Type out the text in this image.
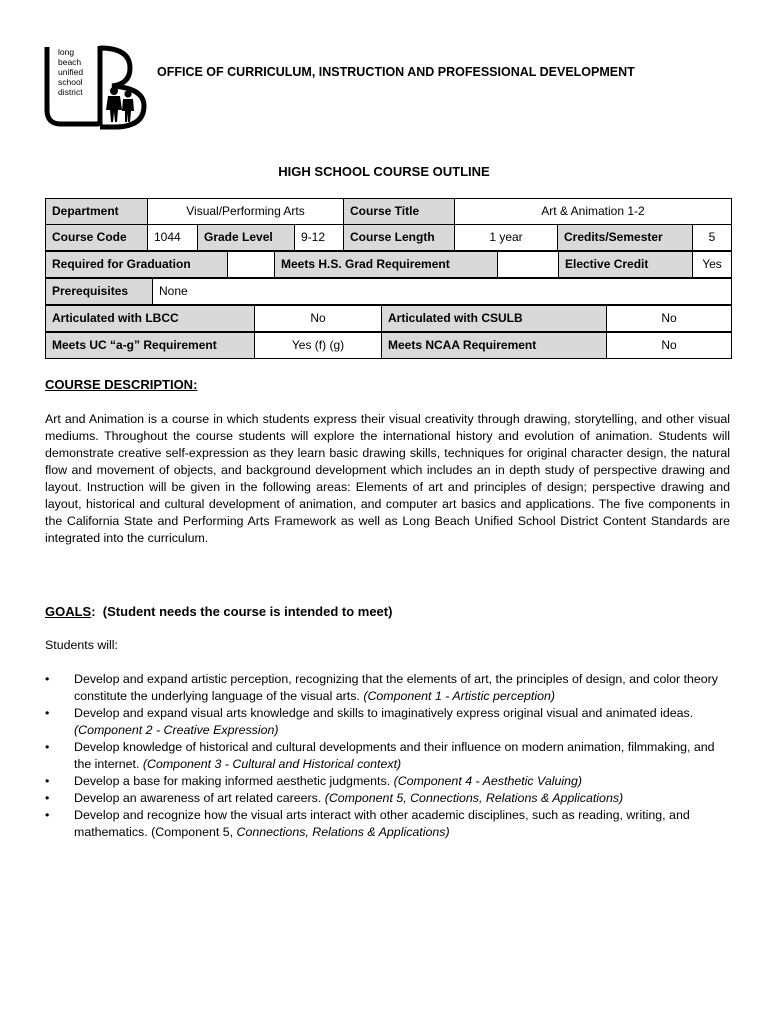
long
beach
unified
school
district
OFFICE OF CURRICULUM, INSTRUCTION AND PROFESSIONAL DEVELOPMENT
HIGH SCHOOL COURSE OUTLINE
Department	Visual/Performing Arts	Course Title	Art & Animation 1-2
Course Code	1044	Grade Level	9-12	Course Length	1 year	Credits/Semester	5
Required for Graduation		Meets H.S. Grad Requirement		Elective Credit	Yes
Prerequisites	None
Articulated with LBCC	No	Articulated with CSULB	No
Meets UC “a-g” Requirement	Yes (f) (g)	Meets NCAA Requirement	No
COURSE DESCRIPTION:
Art and Animation is a course in which students express their visual creativity through drawing, storytelling, and other visual mediums. Throughout the course students will explore the international history and evolution of animation. Students will demonstrate creative self-expression as they learn basic drawing skills, techniques for original character design, the natural flow and movement of objects, and background development which includes an in depth study of perspective drawing and layout. Instruction will be given in the following areas: Elements of art and principles of design; perspective drawing and layout, historical and cultural development of animation, and computer art basics and applications. The five components in the California State and Performing Arts Framework as well as Long Beach Unified School District Content Standards are integrated into the curriculum.
GOALS:  (Student needs the course is intended to meet)
Students will:
• Develop and expand artistic perception, recognizing that the elements of art, the principles of design, and color theory constitute the underlying language of the visual arts. (Component 1 - Artistic perception)
• Develop and expand visual arts knowledge and skills to imaginatively express original visual and animated ideas. (Component 2 - Creative Expression)
• Develop knowledge of historical and cultural developments and their influence on modern animation, filmmaking, and the internet. (Component 3 - Cultural and Historical context)
• Develop a base for making informed aesthetic judgments. (Component 4 - Aesthetic Valuing)
• Develop an awareness of art related careers. (Component 5, Connections, Relations & Applications)
• Develop and recognize how the visual arts interact with other academic disciplines, such as reading, writing, and mathematics. (Component 5, Connections, Relations & Applications)
